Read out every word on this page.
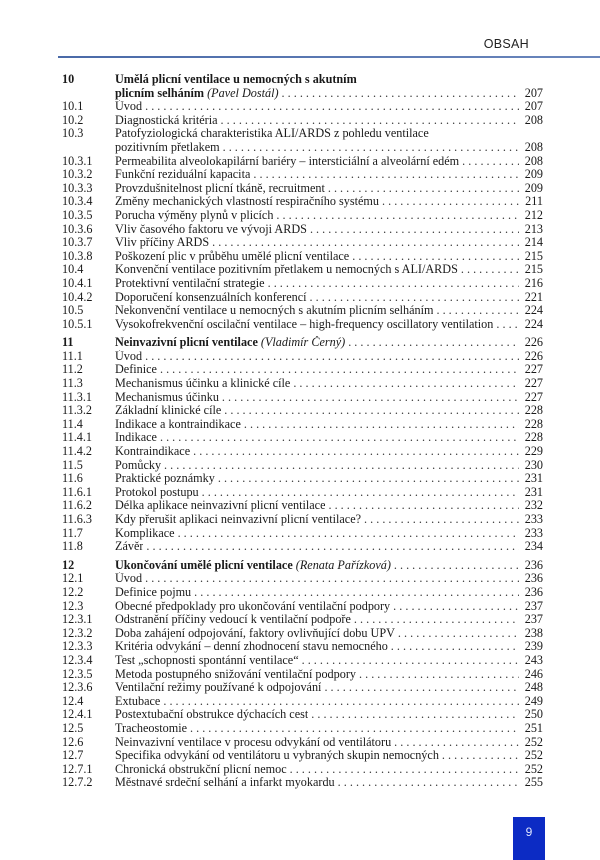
OBSAH
10	Umělá plicní ventilace u nemocných s akutním
plicním selháním (Pavel Dostál) . . .	207
10.1	Úvod . . .	207
10.2	Diagnostická kritéria . . .	208
10.3	Patofyziologická charakteristika ALI/ARDS z pohledu ventilace
pozitivním přetlakem . . .	208
10.3.1	Permeabilita alveolokapilární bariéry – intersticiální a alveolární edém . . .	208
10.3.2	Funkční reziduální kapacita . . .	209
10.3.3	Provzdušnitelnost plicní tkáně, recruitment . . .	209
10.3.4	Změny mechanických vlastností respiračního systému . . .	211
10.3.5	Porucha výměny plynů v plicích . . .	212
10.3.6	Vliv časového faktoru ve vývoji ARDS . . .	213
10.3.7	Vliv příčiny ARDS . . .	214
10.3.8	Poškození plic v průběhu umělé plicní ventilace . . .	215
10.4	Konvenční ventilace pozitivním přetlakem u nemocných s ALI/ARDS . . .	215
10.4.1	Protektivní ventilační strategie . . .	216
10.4.2	Doporučení konsenzuálních konferencí . . .	221
10.5	Nekonvenční ventilace u nemocných s akutním plicním selháním . . .	224
10.5.1	Vysokofrekvenční oscilační ventilace – high-frequency oscillatory ventilation . . .	224
11	Neinvazivní plicní ventilace (Vladimír Černý) . . .	226
11.1	Úvod . . .	226
11.2	Definice . . .	227
11.3	Mechanismus účinku a klinické cíle . . .	227
11.3.1	Mechanismus účinku . . .	227
11.3.2	Základní klinické cíle . . .	228
11.4	Indikace a kontraindikace . . .	228
11.4.1	Indikace . . .	228
11.4.2	Kontraindikace . . .	229
11.5	Pomůcky . . .	230
11.6	Praktické poznámky . . .	231
11.6.1	Protokol postupu . . .	231
11.6.2	Délka aplikace neinvazivní plicní ventilace . . .	232
11.6.3	Kdy přerušit aplikaci neinvazivní plicní ventilace? . . .	233
11.7	Komplikace . . .	233
11.8	Závěr . . .	234
12	Ukončování umělé plicní ventilace (Renata Pařízková) . . .	236
12.1	Úvod . . .	236
12.2	Definice pojmu . . .	236
12.3	Obecné předpoklady pro ukončování ventilační podpory . . .	237
12.3.1	Odstranění příčiny vedoucí k ventilační podpoře . . .	237
12.3.2	Doba zahájení odpojování, faktory ovlivňující dobu UPV . . .	238
12.3.3	Kritéria odvykání – denní zhodnocení stavu nemocného . . .	239
12.3.4	Test „schopnosti spontánní ventilace“ . . .	243
12.3.5	Metoda postupného snižování ventilační podpory . . .	246
12.3.6	Ventilační režimy používané k odpojování . . .	248
12.4	Extubace . . .	249
12.4.1	Postextubační obstrukce dýchacích cest . . .	250
12.5	Tracheostomie . . .	251
12.6	Neinvazivní ventilace v procesu odvykání od ventilátoru . . .	252
12.7	Specifika odvykání od ventilátoru u vybraných skupin nemocných . . .	252
12.7.1	Chronická obstrukční plicní nemoc . . .	252
12.7.2	Městnavé srdeční selhání a infarkt myokardu . . .	255
9
